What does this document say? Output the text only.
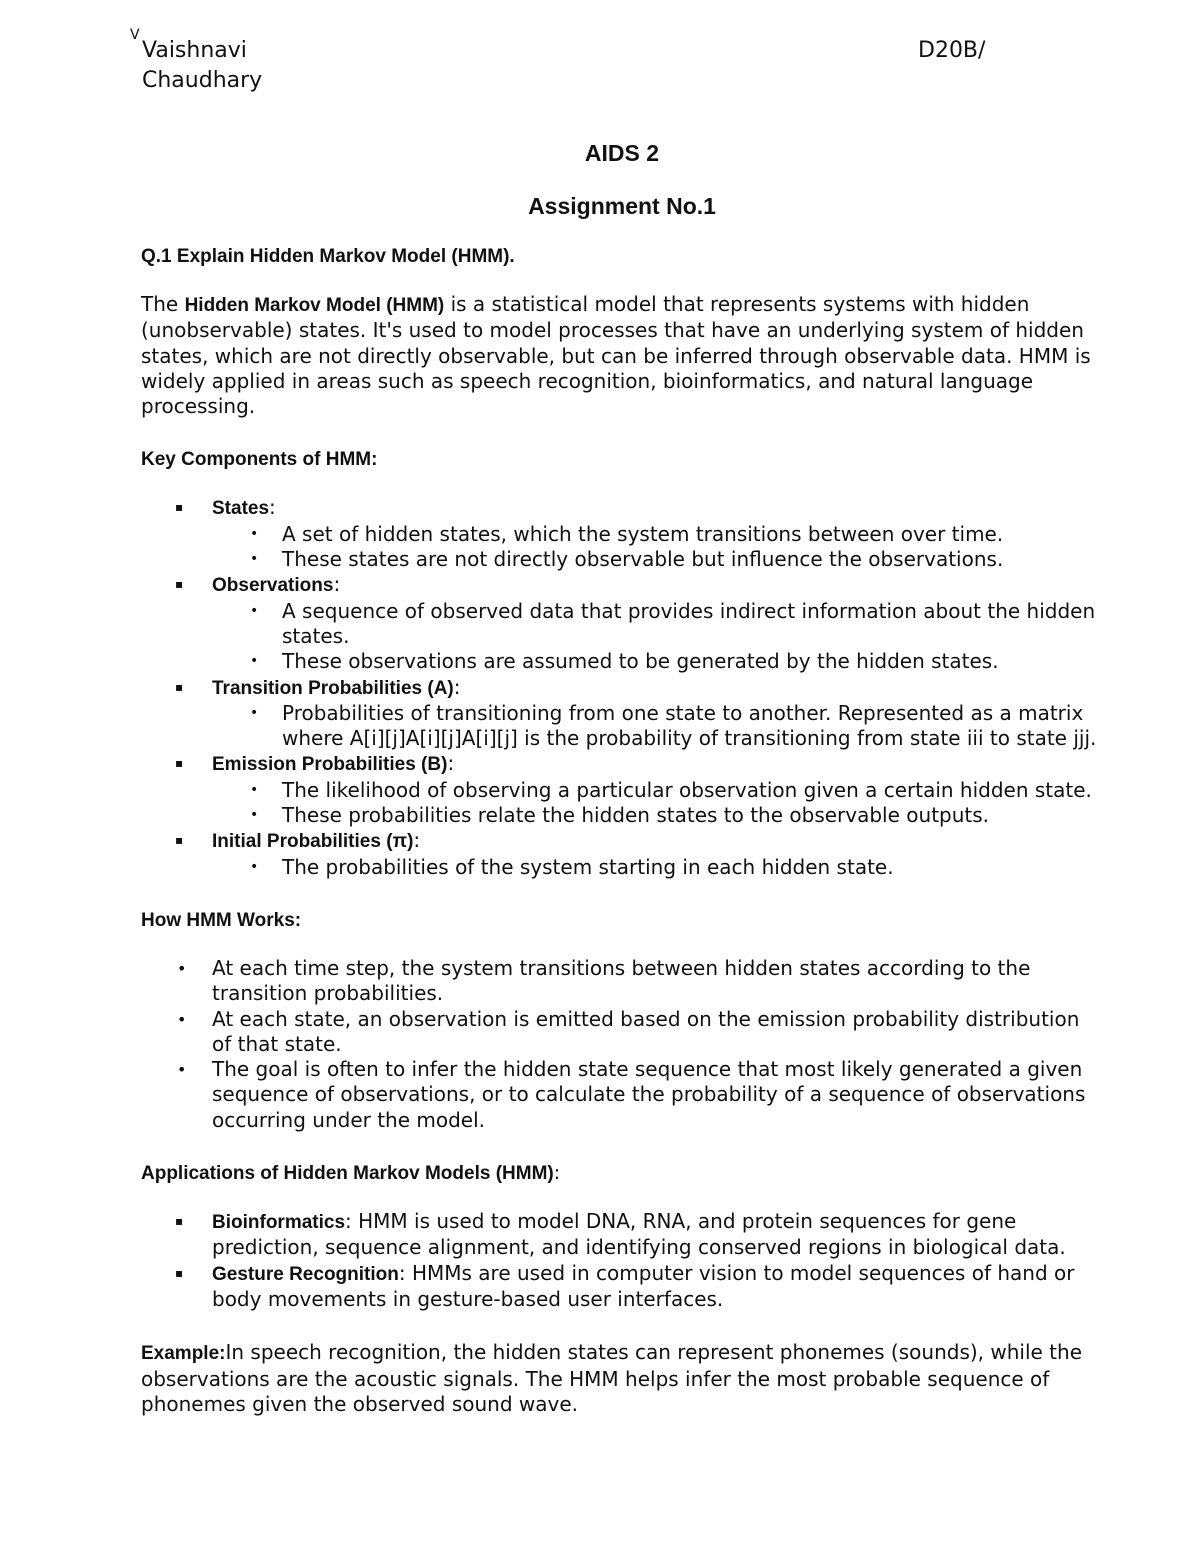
V
Vaishnavi Chaudhary
D20B/
AIDS 2
Assignment No.1
Q.1 Explain Hidden Markov Model (HMM).

The Hidden Markov Model (HMM) is a statistical model that represents systems with hidden (unobservable) states. It's used to model processes that have an underlying system of hidden states, which are not directly observable, but can be inferred through observable data. HMM is widely applied in areas such as speech recognition, bioinformatics, and natural language processing.

Key Components of HMM:
▪ States:
• A set of hidden states, which the system transitions between over time.
• These states are not directly observable but influence the observations.
▪ Observations:
• A sequence of observed data that provides indirect information about the hidden states.
• These observations are assumed to be generated by the hidden states.
▪ Transition Probabilities (A):
• Probabilities of transitioning from one state to another. Represented as a matrix where A[i][j]A[i][j]A[i][j] is the probability of transitioning from state iii to state jjj.
▪ Emission Probabilities (B):
• The likelihood of observing a particular observation given a certain hidden state.
• These probabilities relate the hidden states to the observable outputs.
▪ Initial Probabilities (π):
• The probabilities of the system starting in each hidden state.
How HMM Works:
• At each time step, the system transitions between hidden states according to the transition probabilities.
• At each state, an observation is emitted based on the emission probability distribution of that state.
• The goal is often to infer the hidden state sequence that most likely generated a given sequence of observations, or to calculate the probability of a sequence of observations occurring under the model.
Applications of Hidden Markov Models (HMM):
▪ Bioinformatics: HMM is used to model DNA, RNA, and protein sequences for gene prediction, sequence alignment, and identifying conserved regions in biological data.
▪ Gesture Recognition: HMMs are used in computer vision to model sequences of hand or body movements in gesture-based user interfaces.

Example:In speech recognition, the hidden states can represent phonemes (sounds), while the observations are the acoustic signals. The HMM helps infer the most probable sequence of phonemes given the observed sound wave.
